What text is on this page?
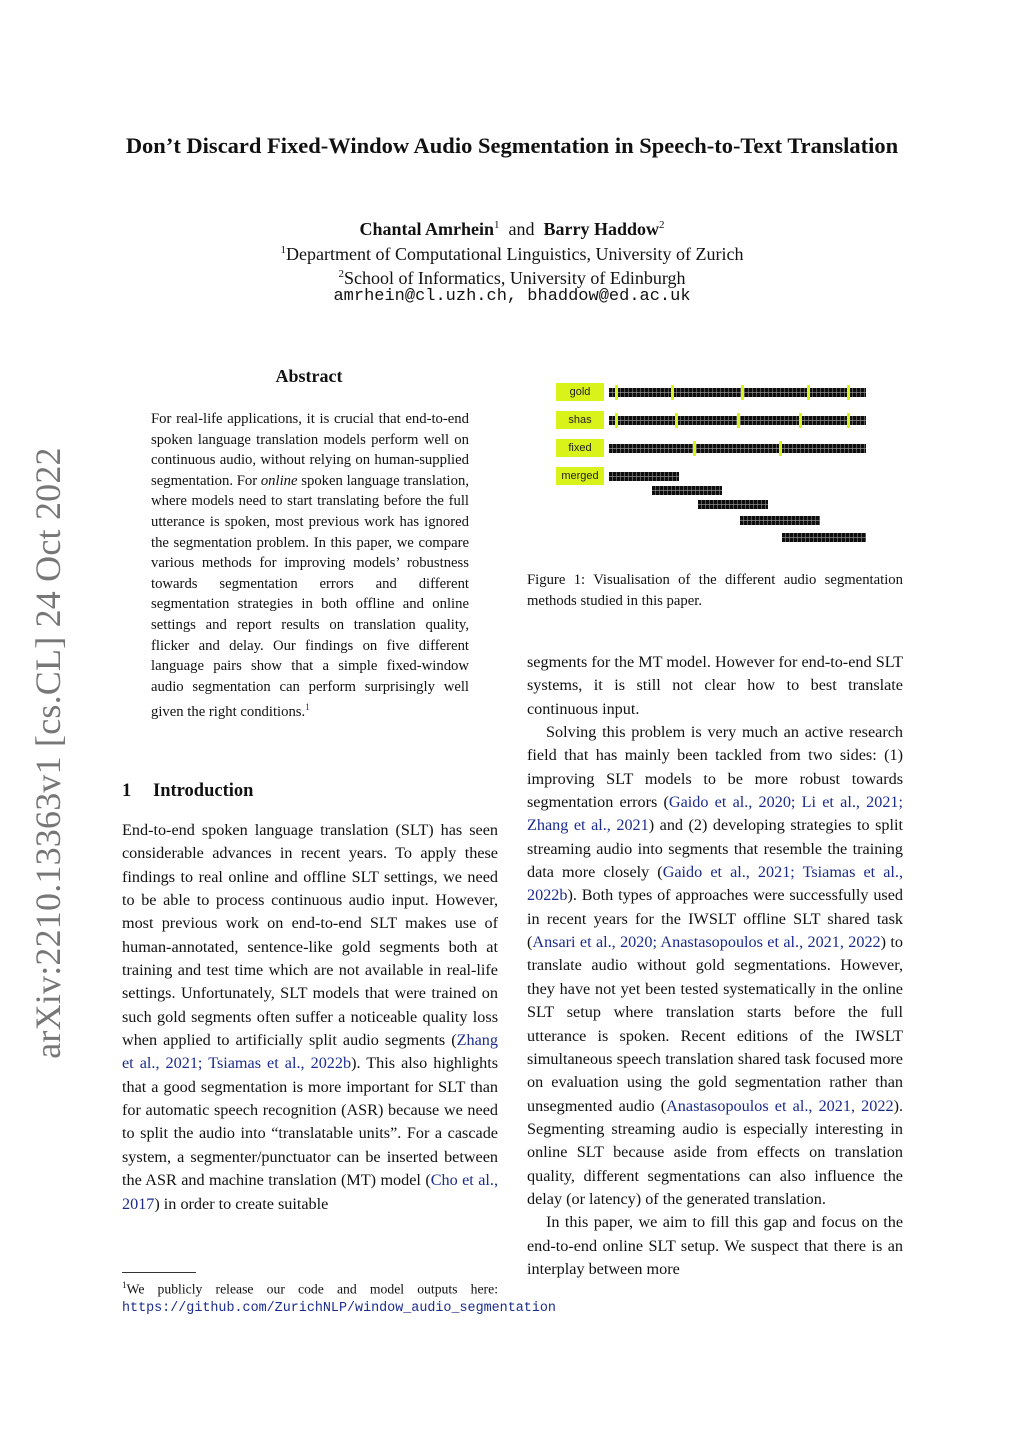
arXiv:2210.13363v1 [cs.CL] 24 Oct 2022
Don’t Discard Fixed-Window Audio Segmentation in Speech-to-Text Translation
Chantal Amrhein$^1$ and Barry Haddow$^2$
$^1$Department of Computational Linguistics, University of Zurich
$^2$School of Informatics, University of Edinburgh
amrhein@cl.uzh.ch, bhaddow@ed.ac.uk
Abstract
For real-life applications, it is crucial that end-to-end spoken language translation models perform well on continuous audio, without relying on human-supplied segmentation. For online spoken language translation, where models need to start translating before the full utterance is spoken, most previous work has ignored the segmentation problem. In this paper, we compare various methods for improving models’ robustness towards segmentation errors and different segmentation strategies in both offline and online settings and report results on translation quality, flicker and delay. Our findings on five different language pairs show that a simple fixed-window audio segmentation can perform surprisingly well given the right conditions.$^1$
1 Introduction

End-to-end spoken language translation (SLT) has seen considerable advances in recent years. To apply these findings to real online and offline SLT settings, we need to be able to process continuous audio input. However, most previous work on end-to-end SLT makes use of human-annotated, sentence-like gold segments both at training and test time which are not available in real-life settings. Unfortunately, SLT models that were trained on such gold segments often suffer a noticeable quality loss when applied to artificially split audio segments (Zhang et al., 2021; Tsiamas et al., 2022b). This also highlights that a good segmentation is more important for SLT than for automatic speech recognition (ASR) because we need to split the audio into “translatable units”. For a cascade system, a segmenter/punctuator can be inserted between the ASR and machine translation (MT) model (Cho et al., 2017) in order to create suitable

$^1$We publicly release our code and model outputs here: https://github.com/ZurichNLP/window_audio_segmentation
gold
shas
fixed
merged
Figure 1: Visualisation of the different audio segmentation methods studied in this paper.

segments for the MT model. However for end-to-end SLT systems, it is still not clear how to best translate continuous input.

Solving this problem is very much an active research field that has mainly been tackled from two sides: (1) improving SLT models to be more robust towards segmentation errors (Gaido et al., 2020; Li et al., 2021; Zhang et al., 2021) and (2) developing strategies to split streaming audio into segments that resemble the training data more closely (Gaido et al., 2021; Tsiamas et al., 2022b). Both types of approaches were successfully used in recent years for the IWSLT offline SLT shared task (Ansari et al., 2020; Anastasopoulos et al., 2021, 2022) to translate audio without gold segmentations. However, they have not yet been tested systematically in the online SLT setup where translation starts before the full utterance is spoken. Recent editions of the IWSLT simultaneous speech translation shared task focused more on evaluation using the gold segmentation rather than unsegmented audio (Anastasopoulos et al., 2021, 2022). Segmenting streaming audio is especially interesting in online SLT because aside from effects on translation quality, different segmentations can also influence the delay (or latency) of the generated translation.

In this paper, we aim to fill this gap and focus on the end-to-end online SLT setup. We suspect that there is an interplay between more
